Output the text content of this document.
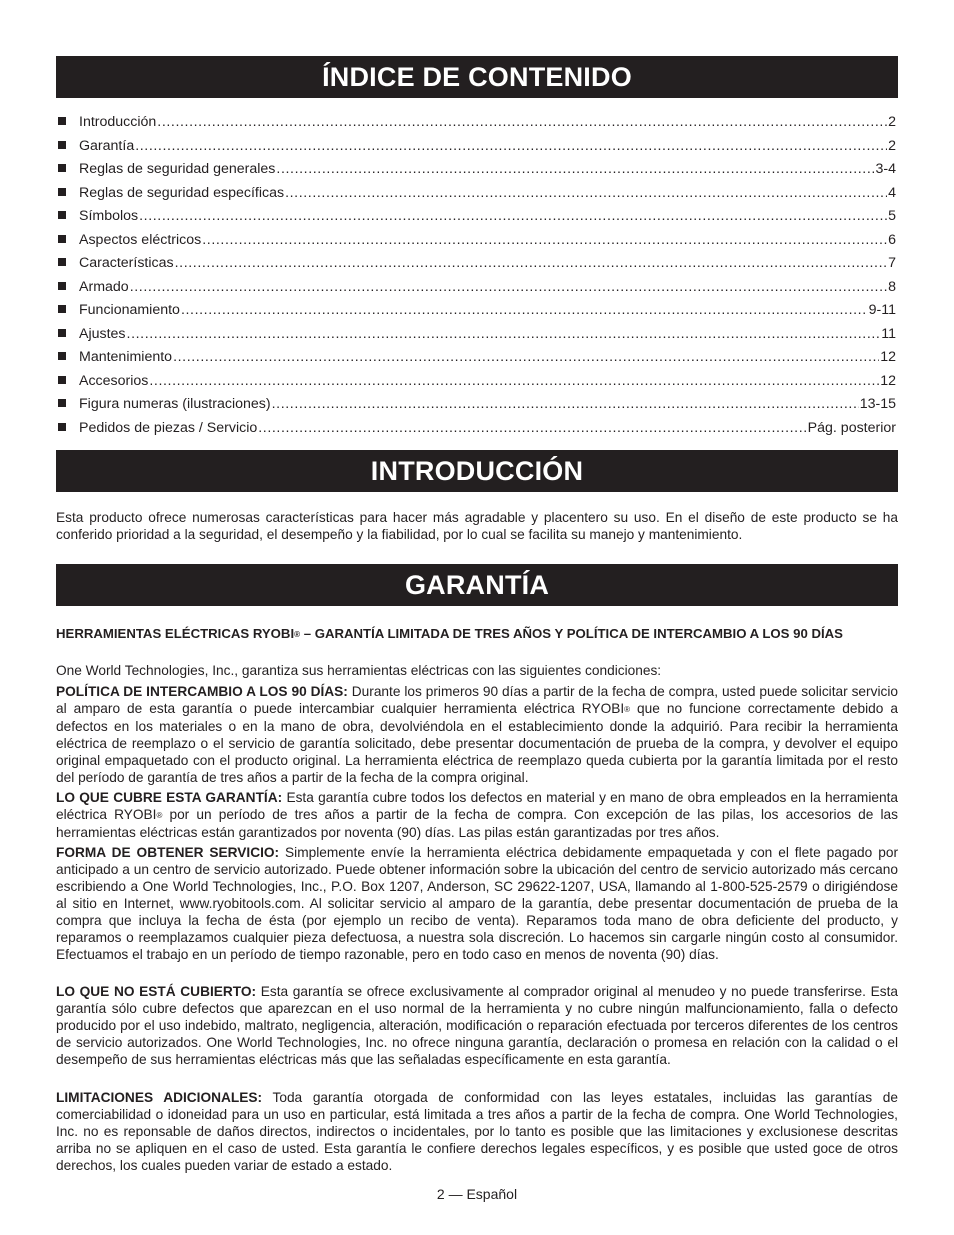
ÍNDICE DE CONTENIDO
Introducción .....	2
Garantía .....	2
Reglas de seguridad generales .....	3-4
Reglas de seguridad específicas .....	4
Símbolos .....	5
Aspectos eléctricos .....	6
Características .....	7
Armado .....	8
Funcionamiento .....	9-11
Ajustes .....	11
Mantenimiento .....	12
Accesorios .....	12
Figura numeras (ilustraciones) .....	13-15
Pedidos de piezas / Servicio .....	Pág. posterior
INTRODUCCIÓN

Esta producto ofrece numerosas características para hacer más agradable y placentero su uso. En el diseño de este producto se ha conferido prioridad a la seguridad, el desempeño y la fiabilidad, por lo cual se facilita su manejo y mantenimiento.

GARANTÍA

HERRAMIENTAS ELÉCTRICAS RYOBI® – GARANTÍA LIMITADA DE TRES AÑOS Y POLÍTICA DE INTERCAMBIO A LOS 90 DÍAS

One World Technologies, Inc., garantiza sus herramientas eléctricas con las siguientes condiciones:

POLÍTICA DE INTERCAMBIO A LOS 90 DÍAS: Durante los primeros 90 días a partir de la fecha de compra, usted puede solicitar servicio al amparo de esta garantía o puede intercambiar cualquier herramienta eléctrica RYOBI® que no funcione correctamente debido a defectos en los materiales o en la mano de obra, devolviéndola en el establecimiento donde la adquirió. Para recibir la herramienta eléctrica de reemplazo o el servicio de garantía solicitado, debe presentar documentación de prueba de la compra, y devolver el equipo original empaquetado con el producto original. La herramienta eléctrica de reemplazo queda cubierta por la garantía limitada por el resto del período de garantía de tres años a partir de la fecha de la compra original.

LO QUE CUBRE ESTA GARANTÍA: Esta garantía cubre todos los defectos en material y en mano de obra empleados en la herramienta eléctrica RYOBI® por un período de tres años a partir de la fecha de compra. Con excepción de las pilas, los accesorios de las herramientas eléctricas están garantizados por noventa (90) días. Las pilas están garantizadas por tres años.

FORMA DE OBTENER SERVICIO: Simplemente envíe la herramienta eléctrica debidamente empaquetada y con el flete pagado por anticipado a un centro de servicio autorizado. Puede obtener información sobre la ubicación del centro de servicio autorizado más cercano escribiendo a One World Technologies, Inc., P.O. Box 1207, Anderson, SC 29622-1207, USA, llamando al 1-800-525-2579 o dirigiéndose al sitio en Internet, www.ryobitools.com. Al solicitar servicio al amparo de la garantía, debe presentar documentación de prueba de la compra que incluya la fecha de ésta (por ejemplo un recibo de venta). Reparamos toda mano de obra deficiente del producto, y reparamos o reemplazamos cualquier pieza defectuosa, a nuestra sola discreción. Lo hacemos sin cargarle ningún costo al consumidor. Efectuamos el trabajo en un período de tiempo razonable, pero en todo caso en menos de noventa (90) días.

LO QUE NO ESTÁ CUBIERTO: Esta garantía se ofrece exclusivamente al comprador original al menudeo y no puede transferirse. Esta garantía sólo cubre defectos que aparezcan en el uso normal de la herramienta y no cubre ningún malfuncionamiento, falla o defecto producido por el uso indebido, maltrato, negligencia, alteración, modificación o reparación efectuada por terceros diferentes de los centros de servicio autorizados. One World Technologies, Inc. no ofrece ninguna garantía, declaración o promesa en relación con la calidad o el desempeño de sus herramientas eléctricas más que las señaladas específicamente en esta garantía.

LIMITACIONES ADICIONALES: Toda garantía otorgada de conformidad con las leyes estatales, incluidas las garantías de comerciabilidad o idoneidad para un uso en particular, está limitada a tres años a partir de la fecha de compra. One World Technologies, Inc. no es reponsable de daños directos, indirectos o incidentales, por lo tanto es posible que las limitaciones y exclusionese descritas arriba no se apliquen en el caso de usted. Esta garantía le confiere derechos legales específicos, y es posible que usted goce de otros derechos, los cuales pueden variar de estado a estado.

2 — Español
